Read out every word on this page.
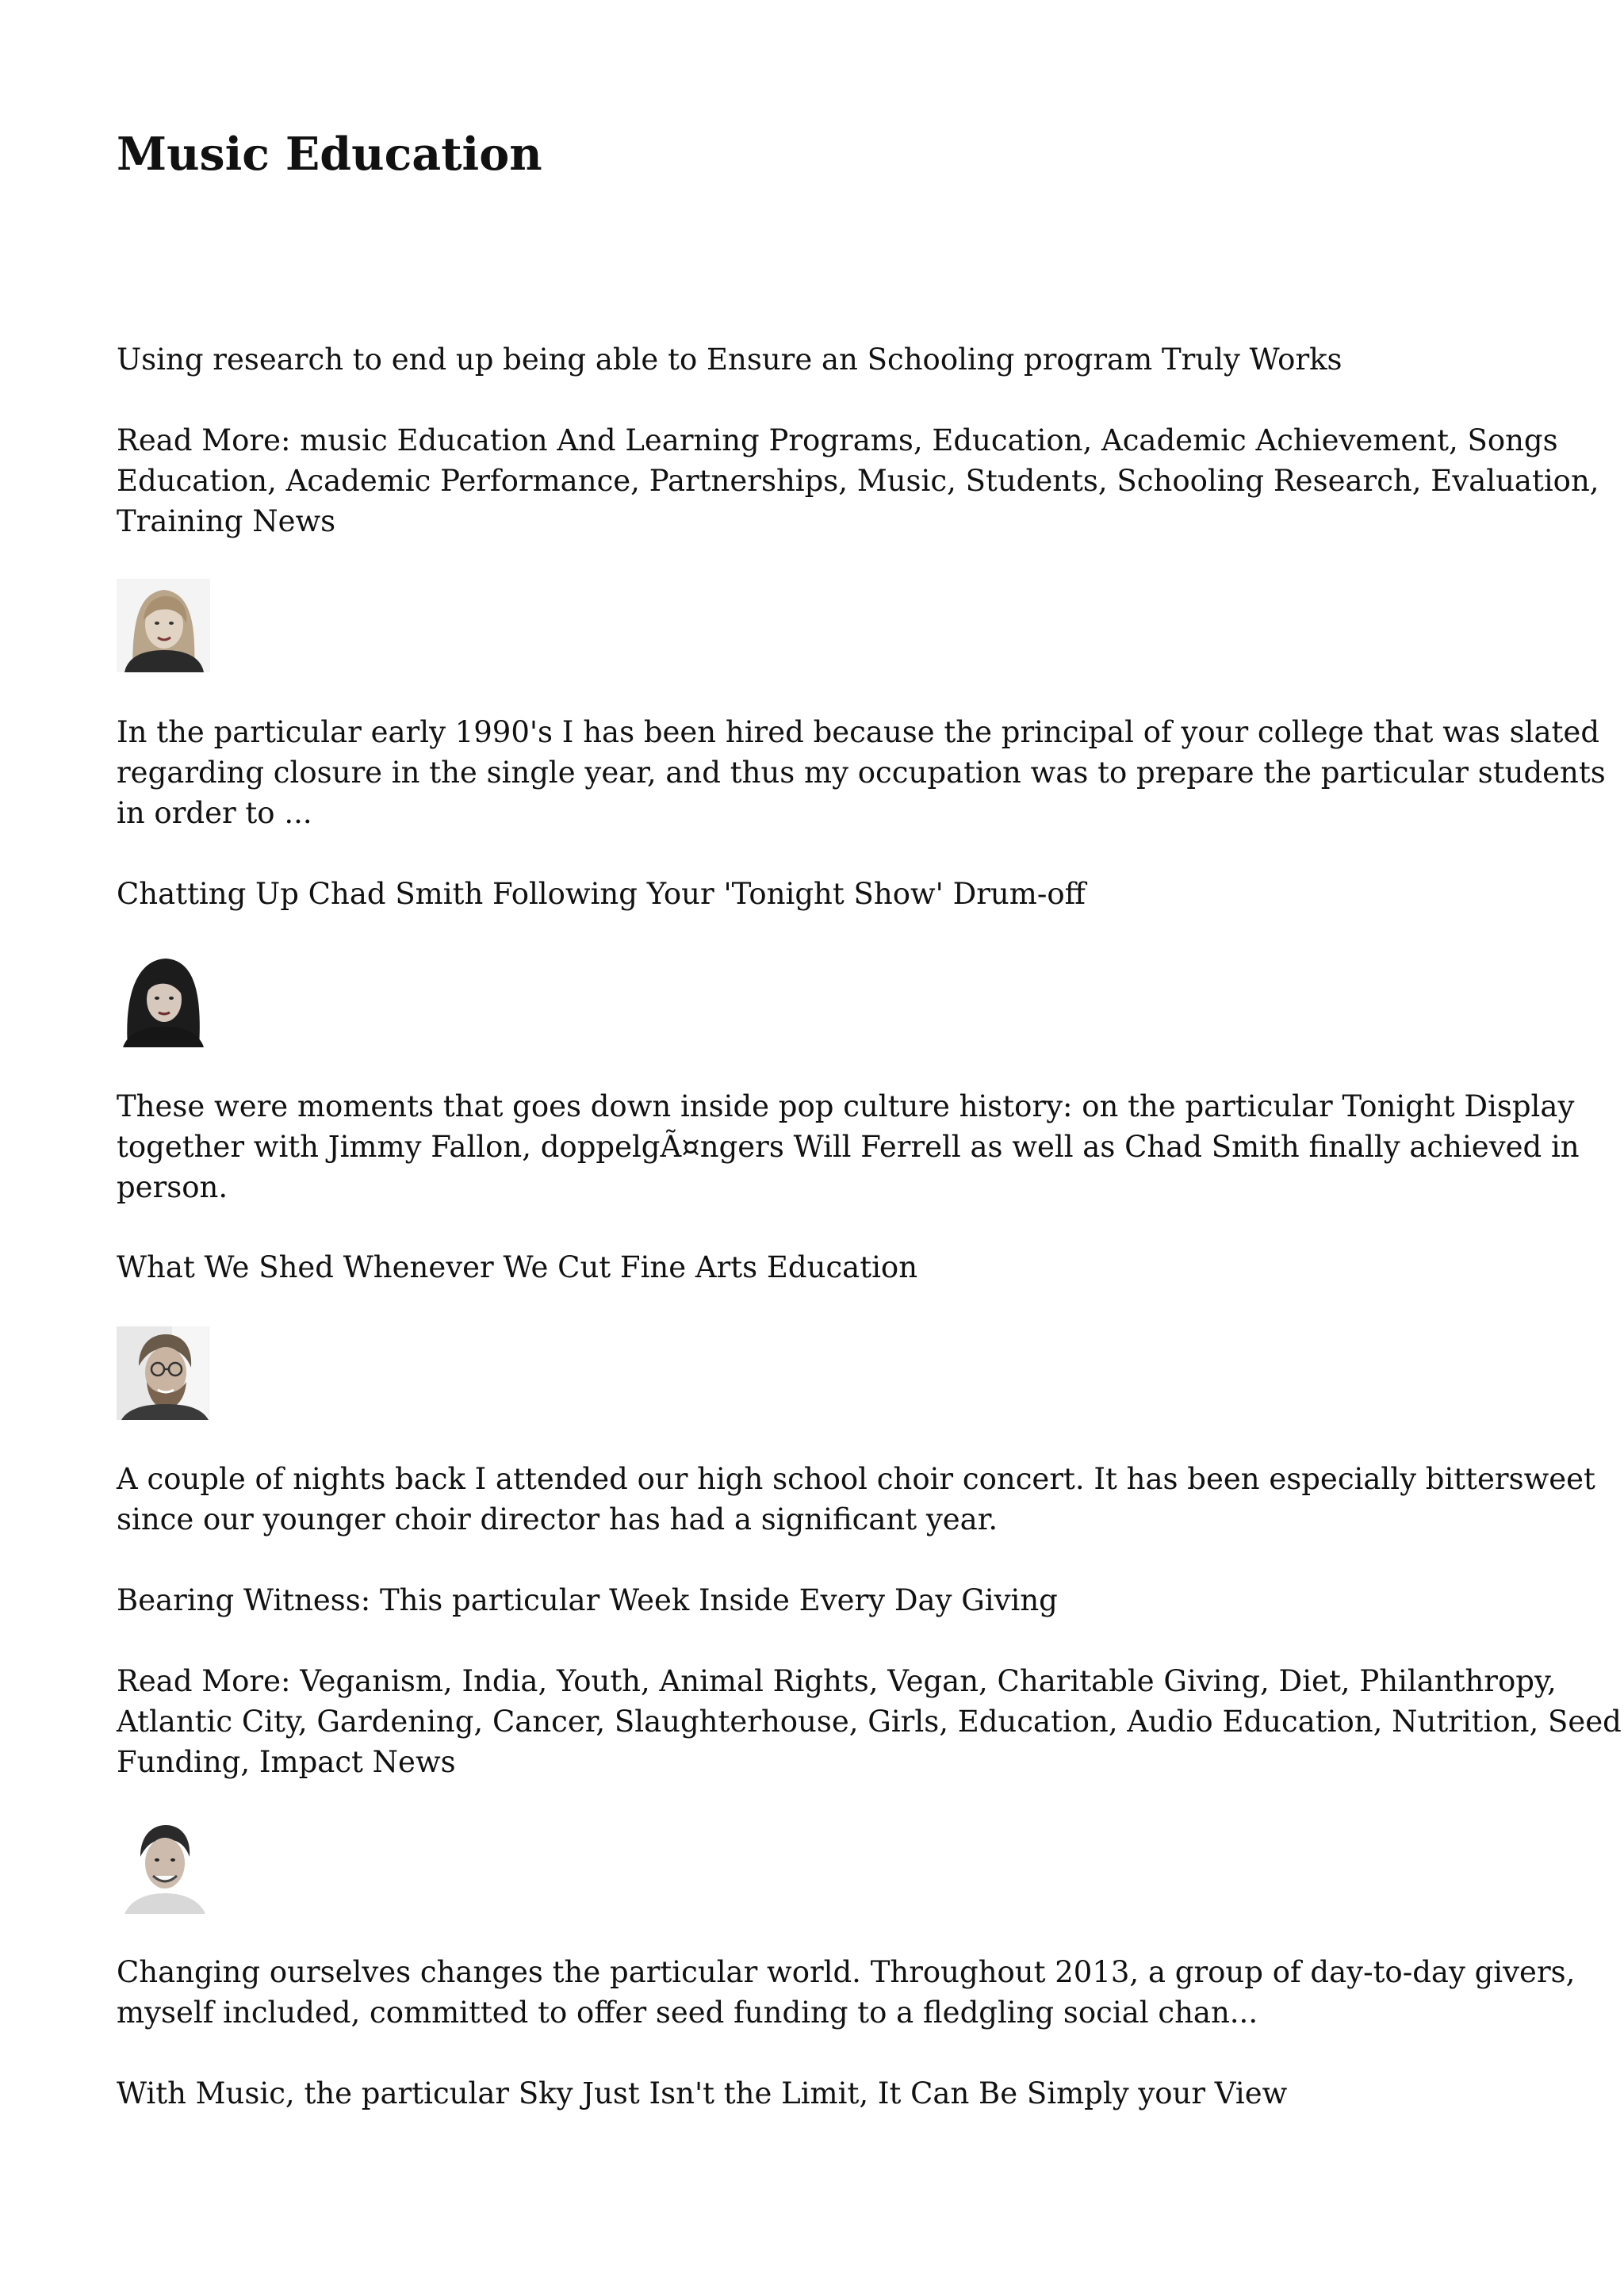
Music Education

Using research to end up being able to Ensure an Schooling program Truly Works

Read More: music Education And Learning Programs, Education, Academic Achievement, Songs
Education, Academic Performance, Partnerships, Music, Students, Schooling Research, Evaluation,
Training News

In the particular early 1990's I has been hired because the principal of your college that was slated
regarding closure in the single year, and thus my occupation was to prepare the particular students
in order to ...

Chatting Up Chad Smith Following Your 'Tonight Show' Drum-off

These were moments that goes down inside pop culture history: on the particular Tonight Display
together with Jimmy Fallon, doppelgÃ¤ngers Will Ferrell as well as Chad Smith finally achieved in
person.

What We Shed Whenever We Cut Fine Arts Education

A couple of nights back I attended our high school choir concert. It has been especially bittersweet
since our younger choir director has had a significant year.

Bearing Witness: This particular Week Inside Every Day Giving

Read More: Veganism, India, Youth, Animal Rights, Vegan, Charitable Giving, Diet, Philanthropy,
Atlantic City, Gardening, Cancer, Slaughterhouse, Girls, Education, Audio Education, Nutrition, Seed
Funding, Impact News

Changing ourselves changes the particular world. Throughout 2013, a group of day-to-day givers,
myself included, committed to offer seed funding to a fledgling social chan...

With Music, the particular Sky Just Isn't the Limit, It Can Be Simply your View
